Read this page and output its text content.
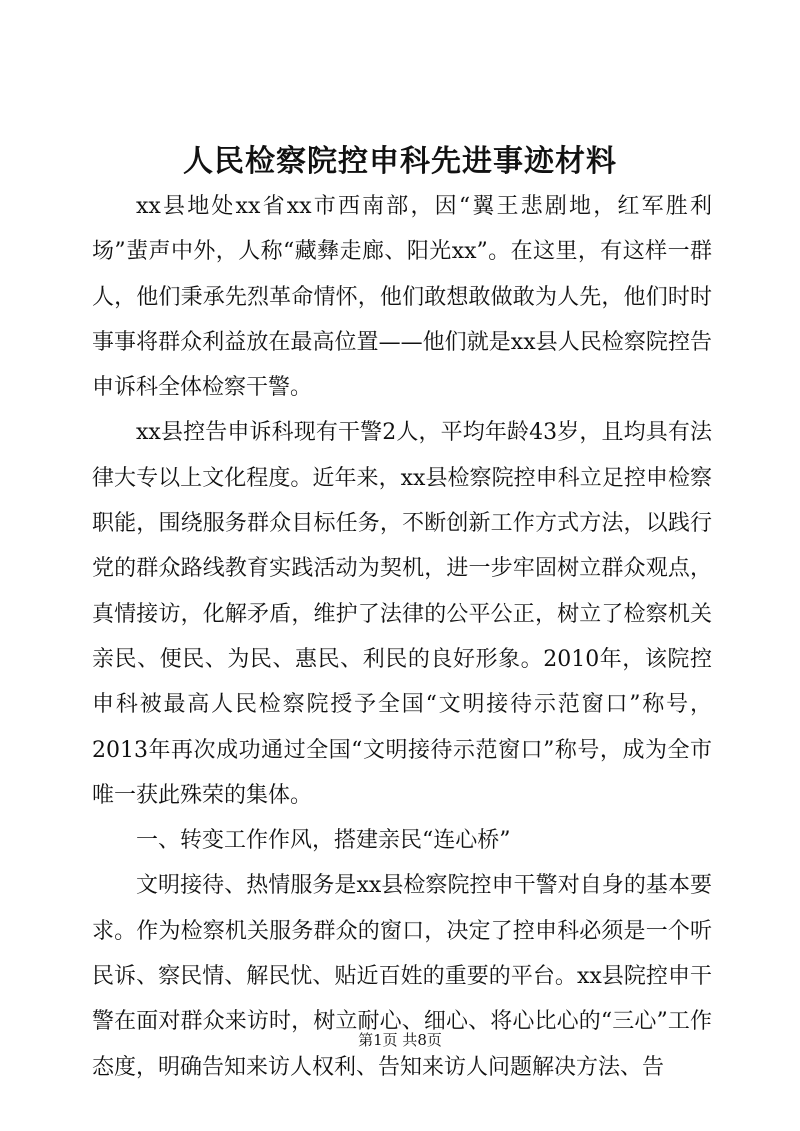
人民检察院控申科先进事迹材料

xx县地处xx省xx市西南部，因“翼王悲剧地，红军胜利场”蜚声中外，人称“藏彝走廊、阳光xx”。在这里，有这样一群人，他们秉承先烈革命情怀，他们敢想敢做敢为人先，他们时时事事将群众利益放在最高位置——他们就是xx县人民检察院控告申诉科全体检察干警。

xx县控告申诉科现有干警2人，平均年龄43岁，且均具有法律大专以上文化程度。近年来，xx县检察院控申科立足控申检察职能，围绕服务群众目标任务，不断创新工作方式方法，以践行党的群众路线教育实践活动为契机，进一步牢固树立群众观点，真情接访，化解矛盾，维护了法律的公平公正，树立了检察机关亲民、便民、为民、惠民、利民的良好形象。2010年，该院控申科被最高人民检察院授予全国“文明接待示范窗口”称号，2013年再次成功通过全国“文明接待示范窗口”称号，成为全市唯一获此殊荣的集体。

一、转变工作作风，搭建亲民“连心桥”

文明接待、热情服务是xx县检察院控申干警对自身的基本要求。作为检察机关服务群众的窗口，决定了控申科必须是一个听民诉、察民情、解民忧、贴近百姓的重要的平台。xx县院控申干警在面对群众来访时，树立耐心、细心、将心比心的“三心”工作态度，明确告知来访人权利、告知来访人问题解决方法、告

第1页 共8页
